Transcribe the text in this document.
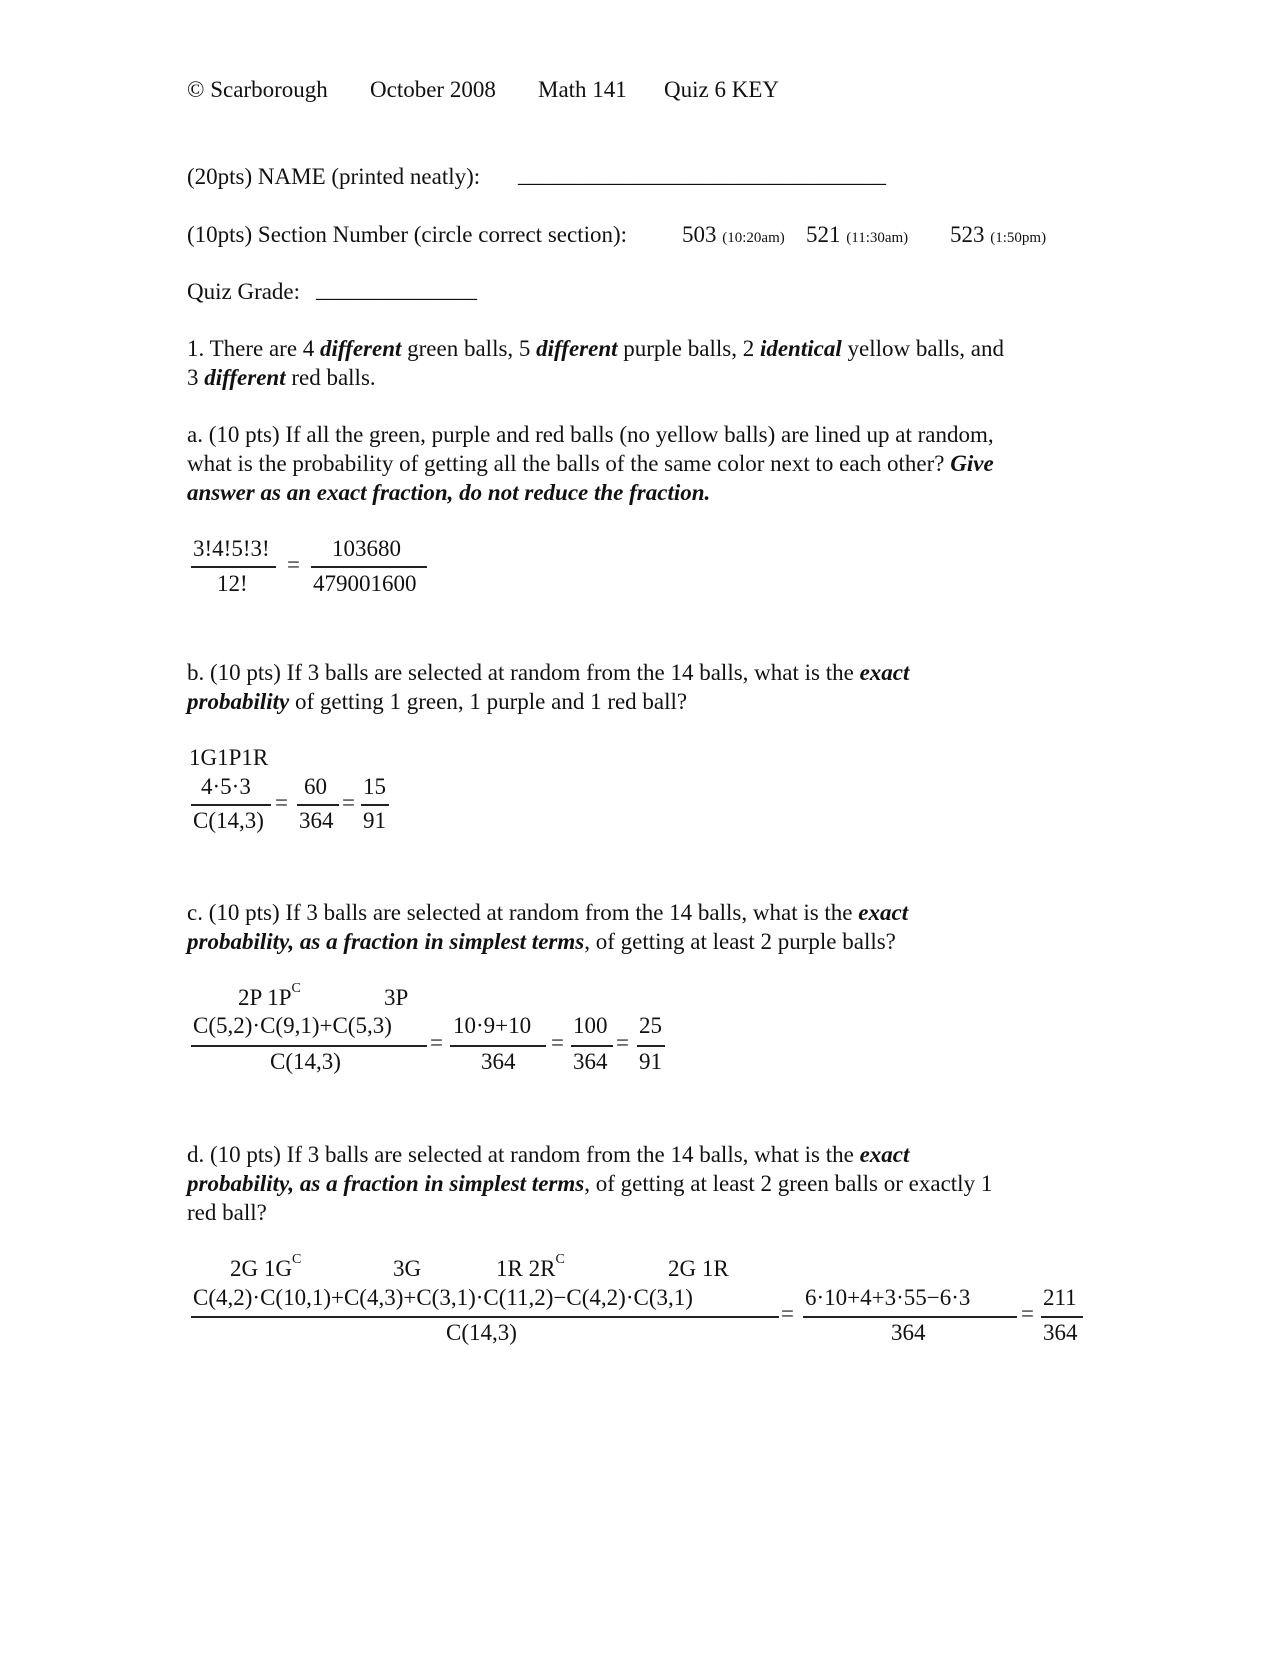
© Scarborough October 2008 Math 141 Quiz 6 KEY
(20pts) NAME (printed neatly): ________________________________
(10pts) Section Number (circle correct section): 503 (10:20am) 521 (11:30am) 523 (1:50pm)
Quiz Grade: ______________
1. There are 4 different green balls, 5 different purple balls, 2 identical yellow balls, and
3 different red balls.
a. (10 pts) If all the green, purple and red balls (no yellow balls) are lined up at random,
what is the probability of getting all the balls of the same color next to each other? Give
answer as an exact fraction, do not reduce the fraction.
3!4!5!3!
12!
=
103680
479001600
b. (10 pts) If 3 balls are selected at random from the 14 balls, what is the exact
probability of getting 1 green, 1 purple and 1 red ball?
1G1P1R
4·5·3
C(14,3)
=
60
364
=
15
91
c. (10 pts) If 3 balls are selected at random from the 14 balls, what is the exact
probability, as a fraction in simplest terms, of getting at least 2 purple balls?
2P $1P^C$	3P
C(5,2)·C(9,1)+C(5,3)
C(14,3)
=
10·9+10
364
=
100
364
=
25
91
d. (10 pts) If 3 balls are selected at random from the 14 balls, what is the exact
probability, as a fraction in simplest terms, of getting at least 2 green balls or exactly 1
red ball?
2G $1G^C$	3G	1R $2R^C$	2G 1R
C(4,2)·C(10,1)+C(4,3)+C(3,1)·C(11,2)−C(4,2)·C(3,1)
C(14,3)
=
6·10+4+3·55−6·3
364
=
211
364
